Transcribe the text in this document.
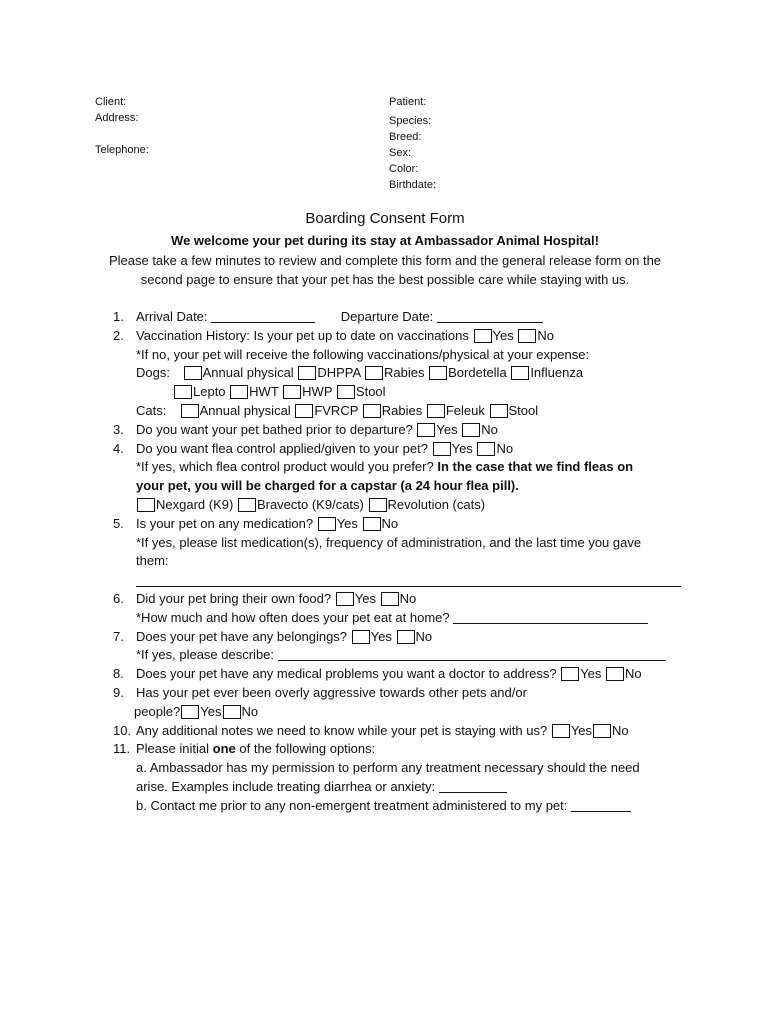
Client:
Address:
Telephone:
Patient:
Species:
Breed:
Sex:
Color:
Birthdate:
Boarding Consent Form
We welcome your pet during its stay at Ambassador Animal Hospital!
Please take a few minutes to review and complete this form and the general release form on the second page to ensure that your pet has the best possible care while staying with us.
1. Arrival Date:	Departure Date:
2. Vaccination History: Is your pet up to date on vaccinations Yes No
*If no, your pet will receive the following vaccinations/physical at your expense:
Dogs:	Annual physical DHPPA Rabies Bordetella Influenza
Lepto HWT HWP Stool
Cats:	Annual physical FVRCP Rabies Feleuk Stool
3. Do you want your pet bathed prior to departure? Yes No
4. Do you want flea control applied/given to your pet? Yes No
*If yes, which flea control product would you prefer? In the case that we find fleas on
your pet, you will be charged for a capstar (a 24 hour flea pill).
Nexgard (K9) Bravecto (K9/cats) Revolution (cats)
5. Is your pet on any medication? Yes No
*If yes, please list medication(s), frequency of administration, and the last time you gave
them:
6. Did your pet bring their own food? Yes No
*How much and how often does your pet eat at home?
7. Does your pet have any belongings? Yes No
*If yes, please describe:
8. Does your pet have any medical problems you want a doctor to address? Yes No
9. Has your pet ever been overly aggressive towards other pets and/or
people? Yes No
10. Any additional notes we need to know while your pet is staying with us? Yes No
11. Please initial one of the following options:
a. Ambassador has my permission to perform any treatment necessary should the need
arise. Examples include treating diarrhea or anxiety:
b. Contact me prior to any non-emergent treatment administered to my pet:
